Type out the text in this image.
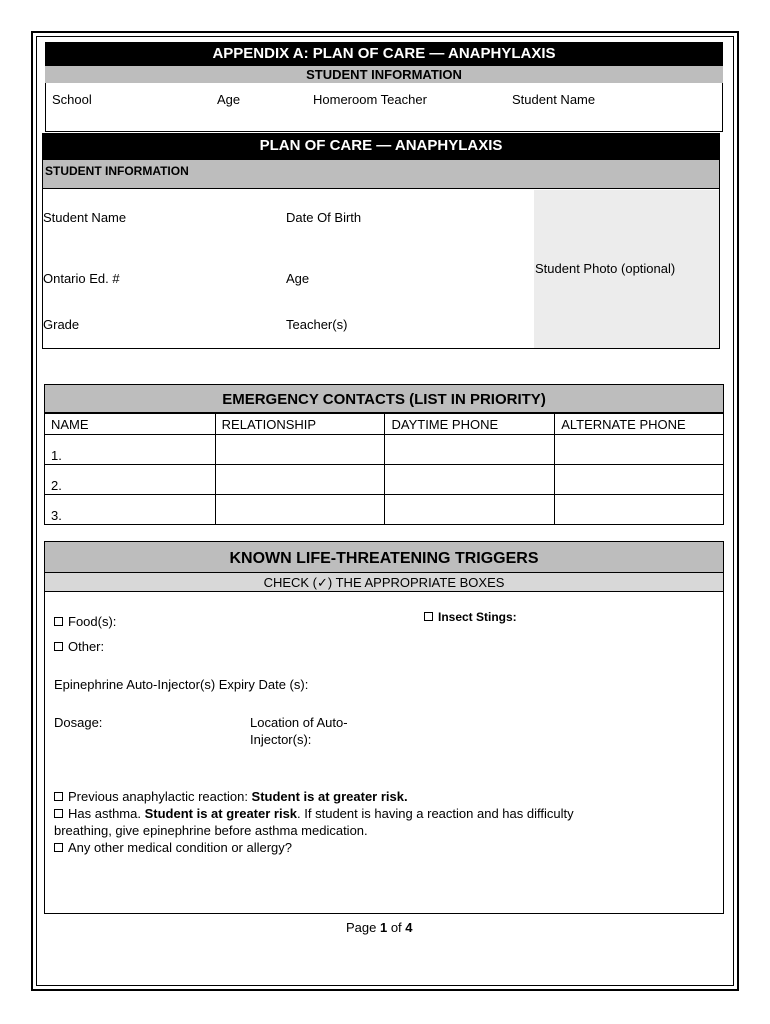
APPENDIX A: PLAN OF CARE — ANAPHYLAXIS
STUDENT INFORMATION
School	Age	Homeroom Teacher	Student Name
PLAN OF CARE — ANAPHYLAXIS
STUDENT INFORMATION
Student Photo (optional)
Student Name	Date Of Birth
Ontario Ed. #	Age
Grade	Teacher(s)
EMERGENCY CONTACTS (LIST IN PRIORITY)
NAME	RELATIONSHIP	DAYTIME PHONE	ALTERNATE PHONE
1.			
2.			
3.			
KNOWN LIFE-THREATENING TRIGGERS
CHECK (✓) THE APPROPRIATE BOXES
Food(s):	Insect Stings:
Other:
Epinephrine Auto-Injector(s) Expiry Date (s):
Dosage:	Location of Auto-
Injector(s):
Previous anaphylactic reaction: Student is at greater risk.
Has asthma. Student is at greater risk. If student is having a reaction and has difficulty
breathing, give epinephrine before asthma medication.
Any other medical condition or allergy?
Page 1 of 4
